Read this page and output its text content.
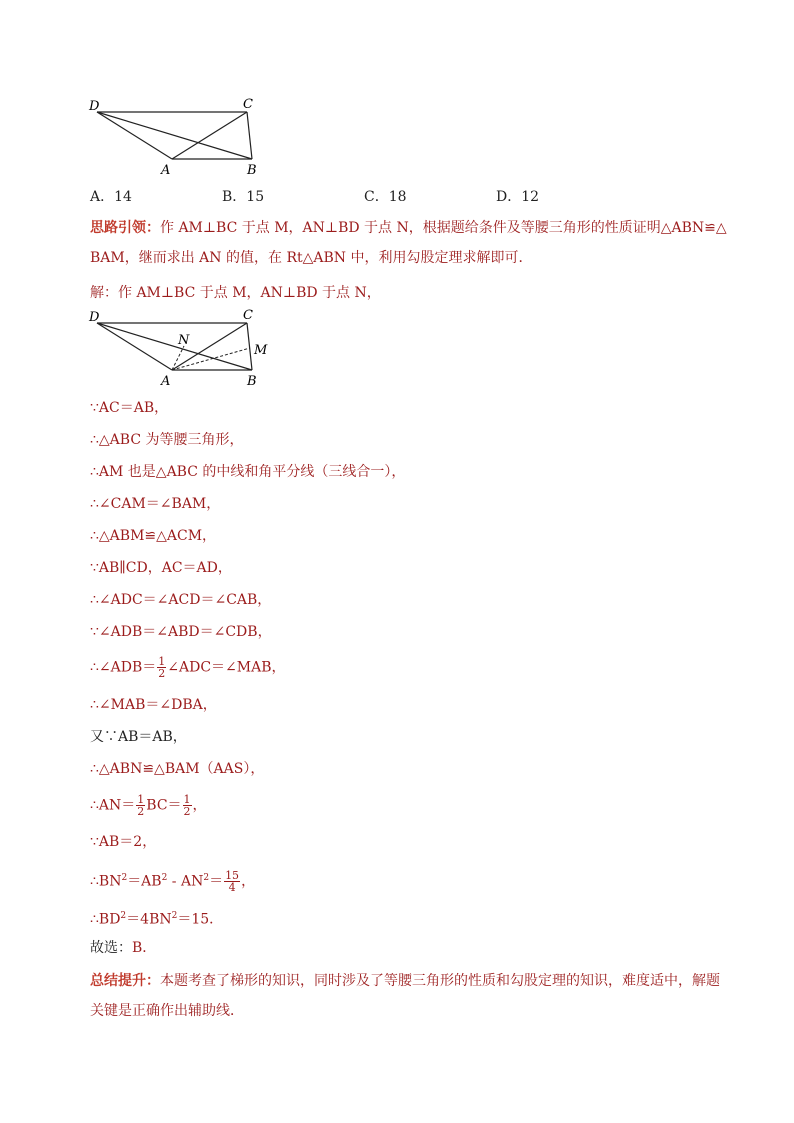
D	C
A	B
A．14	B．15	C．18	D．12
思路引领：作 AM⊥BC 于点 M，AN⊥BD 于点 N，根据题给条件及等腰三角形的性质证明△ABN≌△
BAM，继而求出 AN 的值，在 Rt△ABN 中，利用勾股定理求解即可．
解：作 AM⊥BC 于点 M，AN⊥BD 于点 N，
D	C
N
M
A	B
∵AC＝AB，
∴△ABC 为等腰三角形，
∴AM 也是△ABC 的中线和角平分线（三线合一），
∴∠CAM＝∠BAM，
∴△ABM≌△ACM，
∵AB∥CD，AC＝AD，
∴∠ADC＝∠ACD＝∠CAB，
∵∠ADB＝∠ABD＝∠CDB，
∴∠ADB＝ $\frac{1}{2}$ ∠ADC＝∠MAB，
∴∠MAB＝∠DBA，
又∵AB＝AB，
∴△ABN≌△BAM（AAS），
∴AN＝ $\frac{1}{2} BC= \frac{1}{2}$ ，
∵AB＝2，
$\therefore BN^2=AB^2 - AN^2= \frac{15}{4}$ ，
$\therefore BD^2=4BN^2=15$．
故选：B．
总结提升：本题考查了梯形的知识，同时涉及了等腰三角形的性质和勾股定理的知识，难度适中，解题
关键是正确作出辅助线．
